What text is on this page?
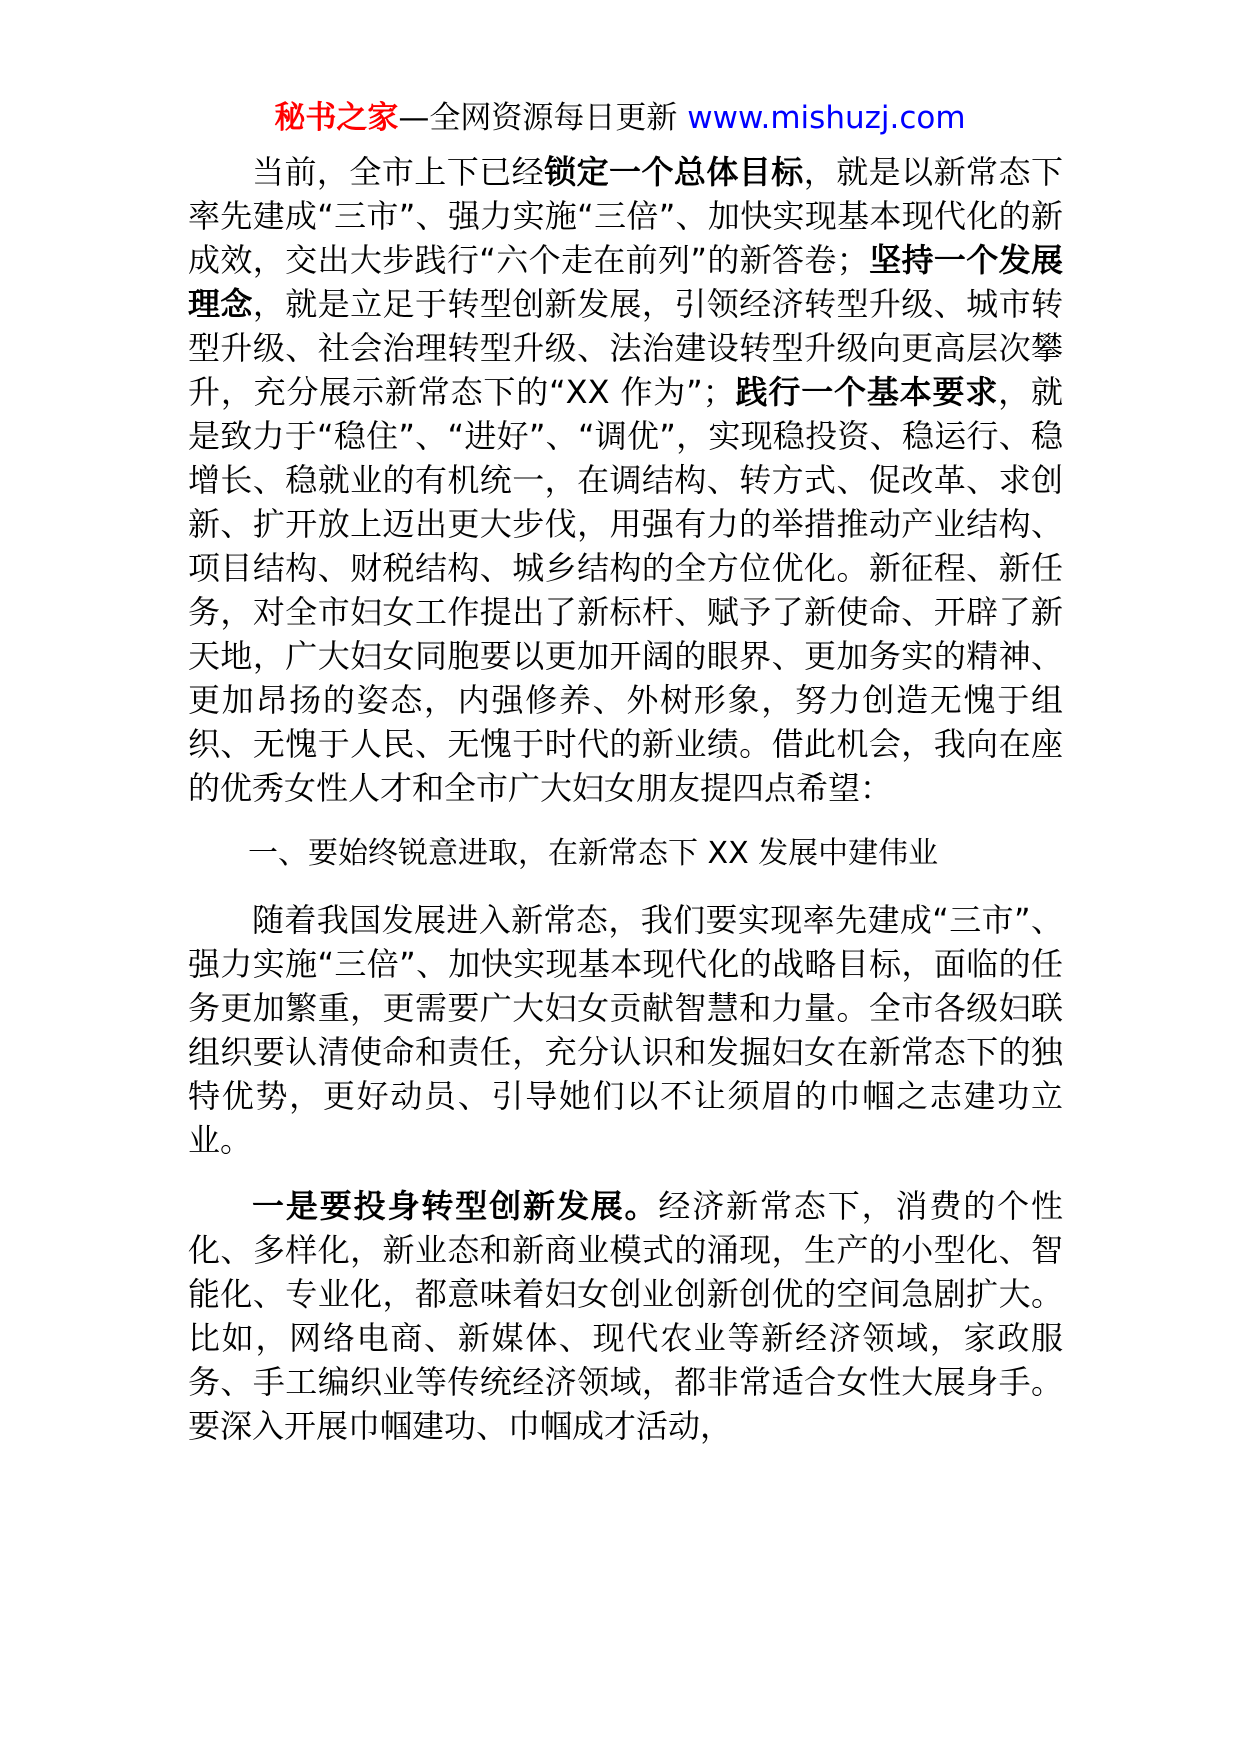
秘书之家—全网资源每日更新 www.mishuzj.com

当前，全市上下已经锁定一个总体目标，就是以新常态下率先建成“三市”、强力实施“三倍”、加快实现基本现代化的新成效，交出大步践行“六个走在前列”的新答卷；坚持一个发展理念，就是立足于转型创新发展，引领经济转型升级、城市转型升级、社会治理转型升级、法治建设转型升级向更高层次攀升，充分展示新常态下的“XX 作为”；践行一个基本要求，就是致力于“稳住”、“进好”、“调优”，实现稳投资、稳运行、稳增长、稳就业的有机统一，在调结构、转方式、促改革、求创新、扩开放上迈出更大步伐，用强有力的举措推动产业结构、项目结构、财税结构、城乡结构的全方位优化。新征程、新任务，对全市妇女工作提出了新标杆、赋予了新使命、开辟了新天地，广大妇女同胞要以更加开阔的眼界、更加务实的精神、更加昂扬的姿态，内强修养、外树形象，努力创造无愧于组织、无愧于人民、无愧于时代的新业绩。借此机会，我向在座的优秀女性人才和全市广大妇女朋友提四点希望：

一、要始终锐意进取，在新常态下 XX 发展中建伟业

随着我国发展进入新常态，我们要实现率先建成“三市”、强力实施“三倍”、加快实现基本现代化的战略目标，面临的任务更加繁重，更需要广大妇女贡献智慧和力量。全市各级妇联组织要认清使命和责任，充分认识和发掘妇女在新常态下的独特优势，更好动员、引导她们以不让须眉的巾帼之志建功立业。

一是要投身转型创新发展。经济新常态下，消费的个性化、多样化，新业态和新商业模式的涌现，生产的小型化、智能化、专业化，都意味着妇女创业创新创优的空间急剧扩大。比如，网络电商、新媒体、现代农业等新经济领域，家政服务、手工编织业等传统经济领域，都非常适合女性大展身手。要深入开展巾帼建功、巾帼成才活动，
